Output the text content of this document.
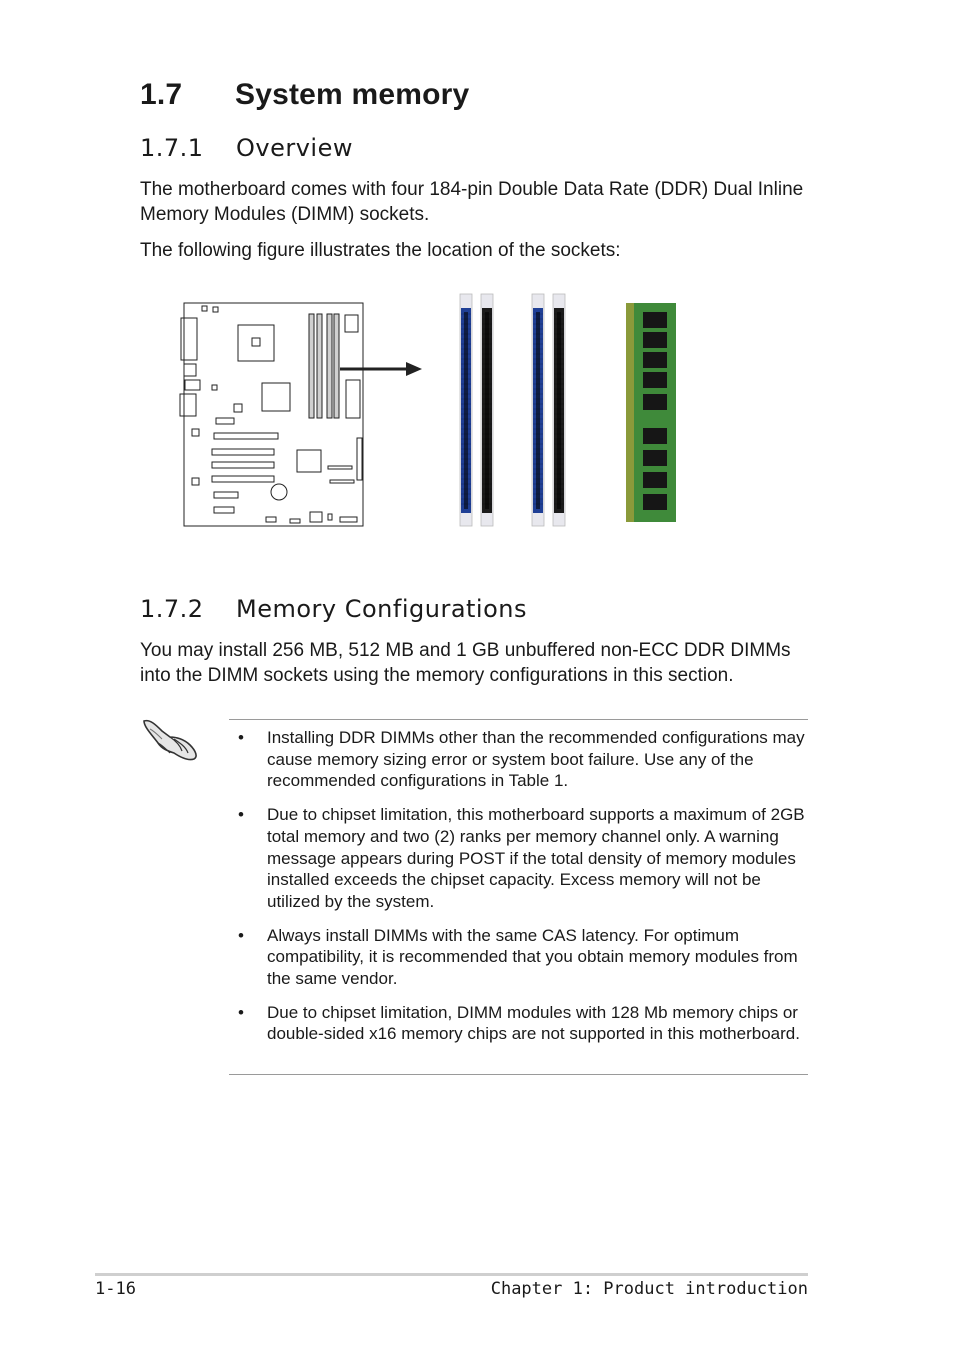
1.7 System memory
1.7.1 Overview
The motherboard comes with four 184-pin Double Data Rate (DDR) Dual Inline Memory Modules (DIMM) sockets.
The following figure illustrates the location of the sockets:
1.7.2 Memory Configurations
You may install 256 MB, 512 MB and 1 GB unbuffered non-ECC DDR DIMMs into the DIMM sockets using the memory configurations in this section.
• Installing DDR DIMMs other than the recommended configurations may cause memory sizing error or system boot failure. Use any of the recommended configurations in Table 1.
• Due to chipset limitation, this motherboard supports a maximum of 2GB total memory and two (2) ranks per memory channel only. A warning message appears during POST if the total density of memory modules installed exceeds the chipset capacity. Excess memory will not be utilized by the system.
• Always install DIMMs with the same CAS latency. For optimum compatibility, it is recommended that you obtain memory modules from the same vendor.
• Due to chipset limitation, DIMM modules with 128 Mb memory chips or double-sided x16 memory chips are not supported in this motherboard.
1-16	Chapter 1: Product introduction
